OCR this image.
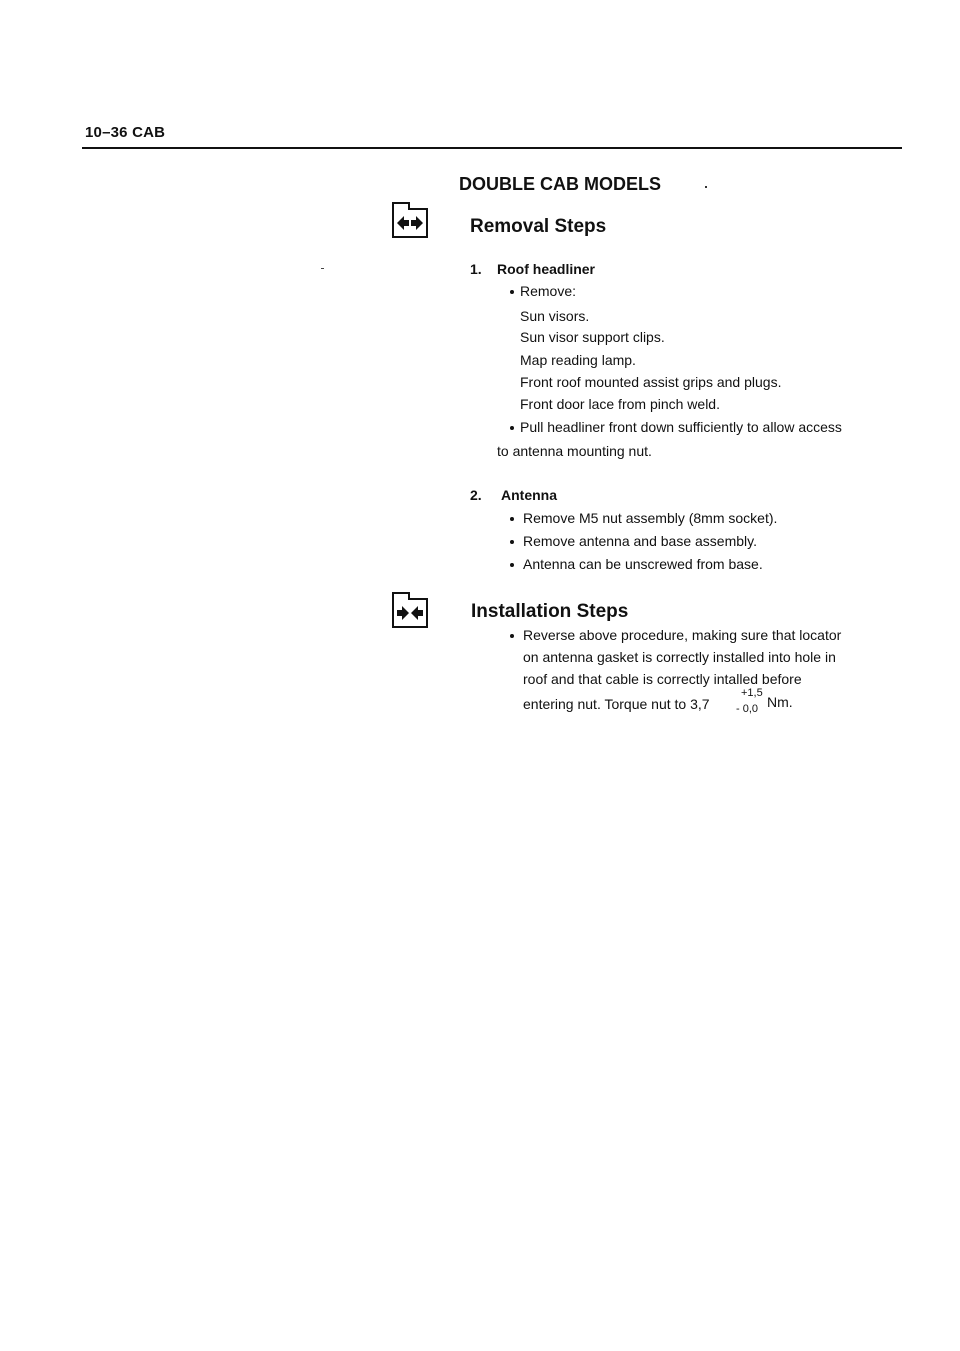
10–36 CAB
DOUBLE CAB MODELS
Removal Steps
1. Roof headliner
Remove:
Sun visors.
Sun visor support clips.
Map reading lamp.
Front roof mounted assist grips and plugs.
Front door lace from pinch weld.
Pull headliner front down sufficiently to allow access
to antenna mounting nut.
2. Antenna
Remove M5 nut assembly (8mm socket).
Remove antenna and base assembly.
Antenna can be unscrewed from base.
Installation Steps
Reverse above procedure, making sure that locator
on antenna gasket is correctly installed into hole in
roof and that cable is correctly intalled before
entering nut. Torque nut to 3,7
+1,5
- 0,0 Nm.
